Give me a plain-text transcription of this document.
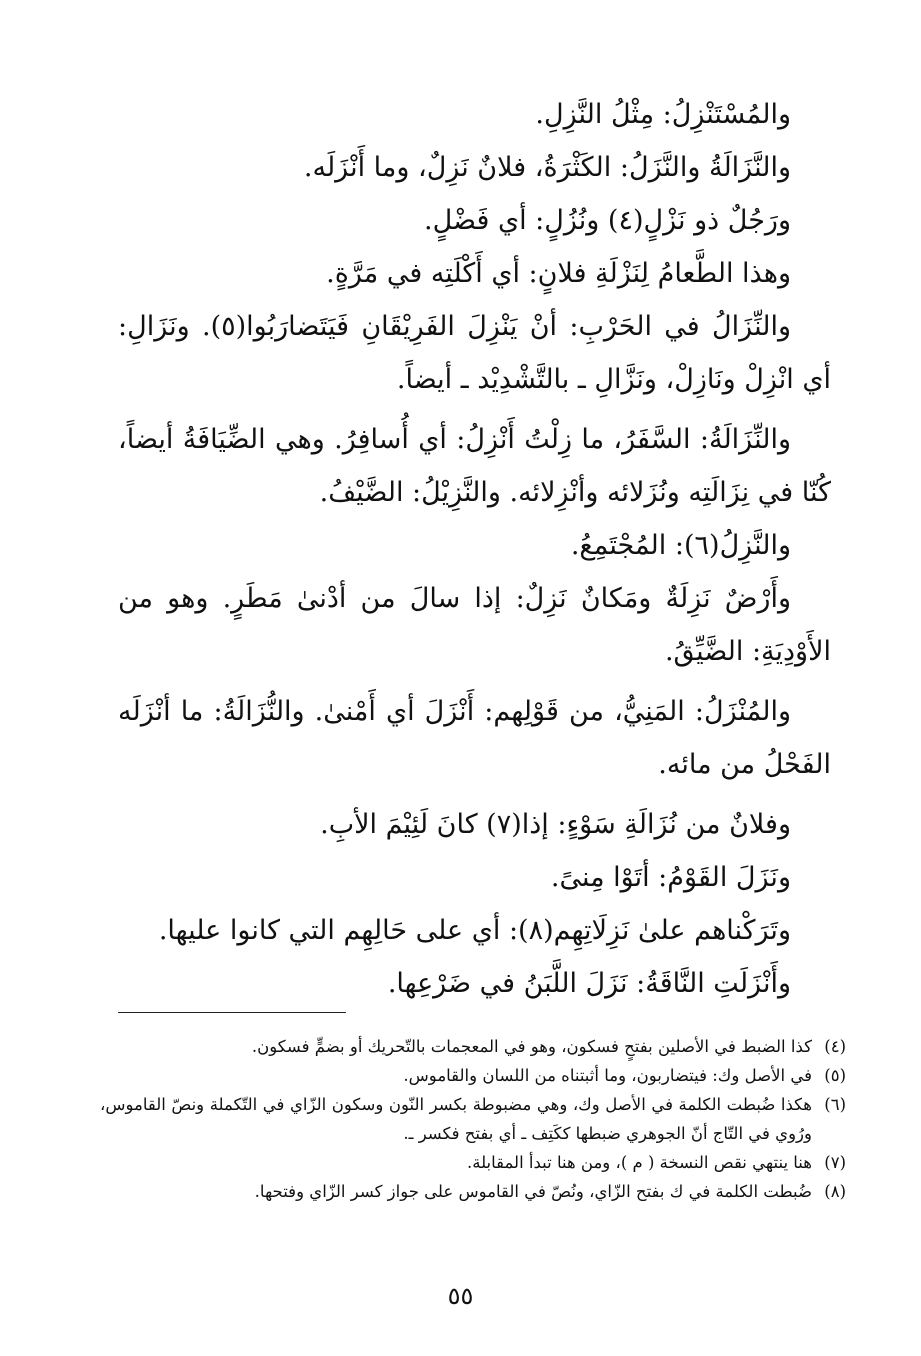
والمُسْتَنْزِلُ: مِثْلُ النَّزِلِ.

والنَّزَالَةُ والنَّزَلُ: الكَثْرَةُ، فلانٌ نَزِلٌ، وما أَنْزَلَه.

ورَجُلٌ ذو نَزْلٍ(٤) ونُزُلٍ: أي فَضْلٍ.

وهذا الطَّعامُ لِنَزْلَةِ فلانٍ: أي أَكْلَتِه في مَرَّةٍ.

والنِّزَالُ في الحَرْبِ: أنْ يَنْزِلَ الفَرِيْقَانِ فَيَتَضارَبُوا(٥). ونَزَالِ: أي انْزِلْ ونَازِلْ، ونَزَّالِ ـ بالتَّشْدِيْد ـ أيضاً.

والنِّزَالَةُ: السَّفَرُ، ما زِلْتُ أَنْزِلُ: أي أُسافِرُ. وهي الضِّيَافَةُ أيضاً، كُنّا في نِزَالَتِه ونُزَلائه وأنْزِلائه. والنَّزِيْلُ: الضَّيْفُ.

والنَّزِلُ(٦): المُجْتَمِعُ.

وأَرْضٌ نَزِلَةٌ ومَكانٌ نَزِلٌ: إذا سالَ من أدْنىٰ مَطَرٍ. وهو من الأَوْدِيَةِ: الضَّيِّقُ.

والمُنْزَلُ: المَنِيُّ، من قَوْلِهم: أَنْزَلَ أي أَمْنىٰ. والنُّزَالَةُ: ما أنْزَلَه الفَحْلُ من مائه.

وفلانٌ من نُزَالَةِ سَوْءٍ: إذا(٧) كانَ لَئِيْمَ الأبِ.

ونَزَلَ القَوْمُ: أتَوْا مِنىً.

وتَرَكْناهم علىٰ نَزِلَاتِهِم(٨): أي على حَالِهِم التي كانوا عليها.

وأَنْزَلَتِ النَّاقَةُ: نَزَلَ اللَّبَنُ في ضَرْعِها.

(٤)
كذا الضبط في الأصلين بفتحٍ فسكون، وهو في المعجمات بالتّحريك أو بضمٍّ فسكون.
(٥)
في الأصل وك: فيتضاربون، وما أثبتناه من اللسان والقاموس.
(٦)
هكذا ضُبطت الكلمة في الأصل وك، وهي مضبوطة بكسر النّون وسكون الزّاي في التّكملة ونصّ القاموس، ورُوي في التّاج أنّ الجوهري ضبطها ككَتِف ـ أي بفتح فكسر ـ.
(٧)
هنا ينتهي نقص النسخة ( م )، ومن هنا تبدأ المقابلة.
(٨)
ضُبطت الكلمة في ك بفتح الزّاي، ونُصّ في القاموس على جواز كسر الزّاي وفتحها.
٥٥
